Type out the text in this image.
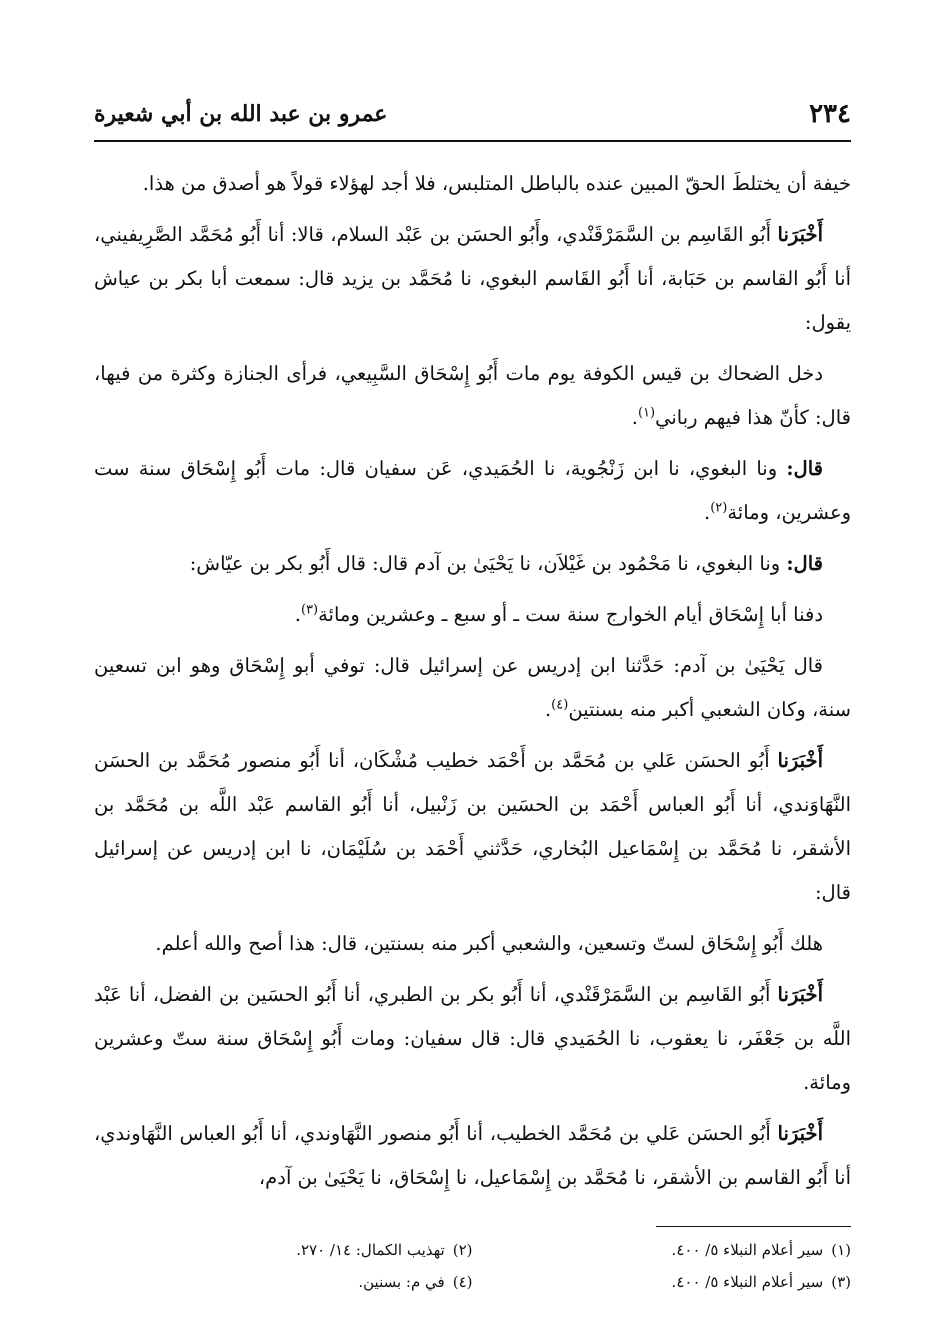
٢٣٤
عمرو بن عبد الله بن أبي شعيرة

خيفة أن يختلطَ الحقّ المبين عنده بالباطل المتلبس، فلا أجد لهؤلاء قولاً هو أصدق من هذا.

أَخْبَرَنا أَبُو القَاسِم بن السَّمَرْقَنْدي، وأَبُو الحسَن بن عَبْد السلام، قالا: أنا أَبُو مُحَمَّد الصَّرِيفيني، أنا أَبُو القاسم بن حَبَابة، أنا أَبُو القَاسم البغوي، نا مُحَمَّد بن يزيد قال: سمعت أبا بكر بن عياش يقول:

دخل الضحاك بن قيس الكوفة يوم مات أَبُو إِسْحَاق السَّبِيعي، فرأى الجنازة وكثرة من فيها، قال: كأنّ هذا فيهم رباني$^{(١)}$.

قال: ونا البغوي، نا ابن زَنْجُوية، نا الحُمَيدي، عَن سفيان قال: مات أَبُو إِسْحَاق سنة ست وعشرين، ومائة$^{(٢)}$.

قال: ونا البغوي، نا مَحْمُود بن غَيْلاَن، نا يَحْيَىٰ بن آدم قال: قال أَبُو بكر بن عيّاش:

دفنا أبا إِسْحَاق أيام الخوارج سنة ست ـ أو سبع ـ وعشرين ومائة$^{(٣)}$.

قال يَحْيَىٰ بن آدم: حَدَّثنا ابن إدريس عن إسرائيل قال: توفي أبو إِسْحَاق وهو ابن تسعين سنة، وكان الشعبي أكبر منه بسنتين$^{(٤)}$.

أَخْبَرَنا أَبُو الحسَن عَلي بن مُحَمَّد بن أَحْمَد خطيب مُشْكَان، أنا أَبُو منصور مُحَمَّد بن الحسَن النَّهَاوَندي، أنا أَبُو العباس أَحْمَد بن الحسَين بن زَنْبيل، أنا أَبُو القاسم عَبْد اللَّه بن مُحَمَّد بن الأشقر، نا مُحَمَّد بن إِسْمَاعيل البُخاري، حَدَّثني أَحْمَد بن سُلَيْمَان، نا ابن إدريس عن إسرائيل قال:

هلك أَبُو إِسْحَاق لستّ وتسعين، والشعبي أكبر منه بسنتين، قال: هذا أصح والله أعلم.

أَخْبَرَنا أَبُو القَاسِم بن السَّمَرْقَنْدي، أنا أَبُو بكر بن الطبري، أنا أَبُو الحسَين بن الفضل، أنا عَبْد اللَّه بن جَعْفَر، نا يعقوب، نا الحُمَيدي قال: قال سفيان: ومات أَبُو إِسْحَاق سنة ستّ وعشرين ومائة.

أَخْبَرَنا أَبُو الحسَن عَلي بن مُحَمَّد الخطيب، أنا أَبُو منصور النَّهَاوندي، أنا أَبُو العباس النَّهَاوندي، أنا أَبُو القاسم بن الأشقر، نا مُحَمَّد بن إِسْمَاعيل، نا إِسْحَاق، نا يَحْيَىٰ بن آدم،

(١)سير أعلام النبلاء ٥/ ٤٠٠.
(٢)تهذيب الكمال: ١٤/ ٢٧٠.
(٣)سير أعلام النبلاء ٥/ ٤٠٠.
(٤)في م: بسنين.
